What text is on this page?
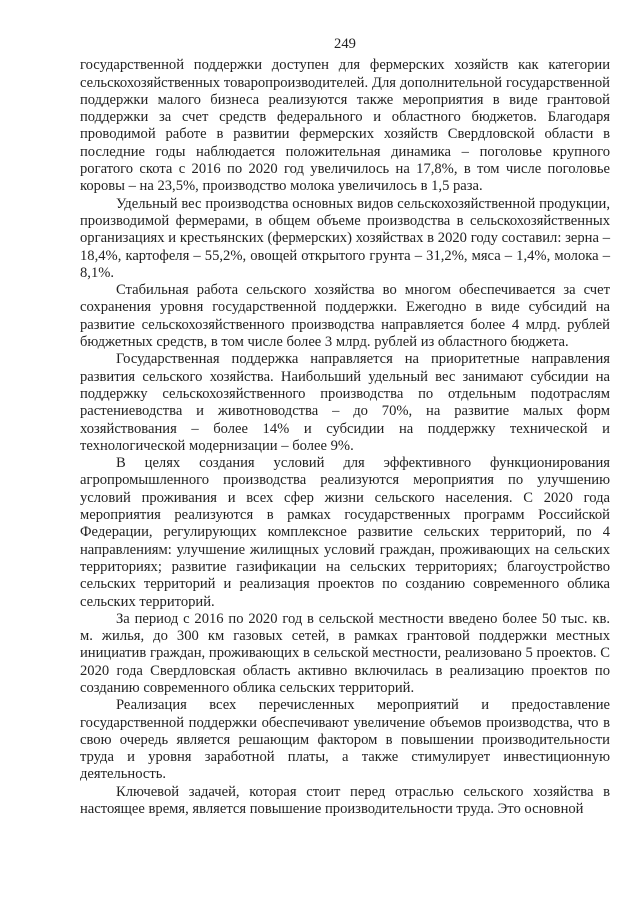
249

государственной поддержки доступен для фермерских хозяйств как категории сельскохозяйственных товаропроизводителей. Для дополнительной государственной поддержки малого бизнеса реализуются также мероприятия в виде грантовой поддержки за счет средств федерального и областного бюджетов. Благодаря проводимой работе в развитии фермерских хозяйств Свердловской области в последние годы наблюдается положительная динамика – поголовье крупного рогатого скота с 2016 по 2020 год увеличилось на 17,8%, в том числе поголовье коровы – на 23,5%, производство молока увеличилось в 1,5 раза.

Удельный вес производства основных видов сельскохозяйственной продукции, производимой фермерами, в общем объеме производства в сельскохозяйственных организациях и крестьянских (фермерских) хозяйствах в 2020 году составил: зерна – 18,4%, картофеля – 55,2%, овощей открытого грунта – 31,2%, мяса – 1,4%, молока – 8,1%.

Стабильная работа сельского хозяйства во многом обеспечивается за счет сохранения уровня государственной поддержки. Ежегодно в виде субсидий на развитие сельскохозяйственного производства направляется более 4 млрд. рублей бюджетных средств, в том числе более 3 млрд. рублей из областного бюджета.

Государственная поддержка направляется на приоритетные направления развития сельского хозяйства. Наибольший удельный вес занимают субсидии на поддержку сельскохозяйственного производства по отдельным подотраслям растениеводства и животноводства – до 70%, на развитие малых форм хозяйствования – более 14% и субсидии на поддержку технической и технологической модернизации – более 9%.

В целях создания условий для эффективного функционирования агропромышленного производства реализуются мероприятия по улучшению условий проживания и всех сфер жизни сельского населения. С 2020 года мероприятия реализуются в рамках государственных программ Российской Федерации, регулирующих комплексное развитие сельских территорий, по 4 направлениям: улучшение жилищных условий граждан, проживающих на сельских территориях; развитие газификации на сельских территориях; благоустройство сельских территорий и реализация проектов по созданию современного облика сельских территорий.

За период с 2016 по 2020 год в сельской местности введено более 50 тыс. кв. м. жилья, до 300 км газовых сетей, в рамках грантовой поддержки местных инициатив граждан, проживающих в сельской местности, реализовано 5 проектов. С 2020 года Свердловская область активно включилась в реализацию проектов по созданию современного облика сельских территорий.

Реализация всех перечисленных мероприятий и предоставление государственной поддержки обеспечивают увеличение объемов производства, что в свою очередь является решающим фактором в повышении производительности труда и уровня заработной платы, а также стимулирует инвестиционную деятельность.

Ключевой задачей, которая стоит перед отраслью сельского хозяйства в настоящее время, является повышение производительности труда. Это основной
